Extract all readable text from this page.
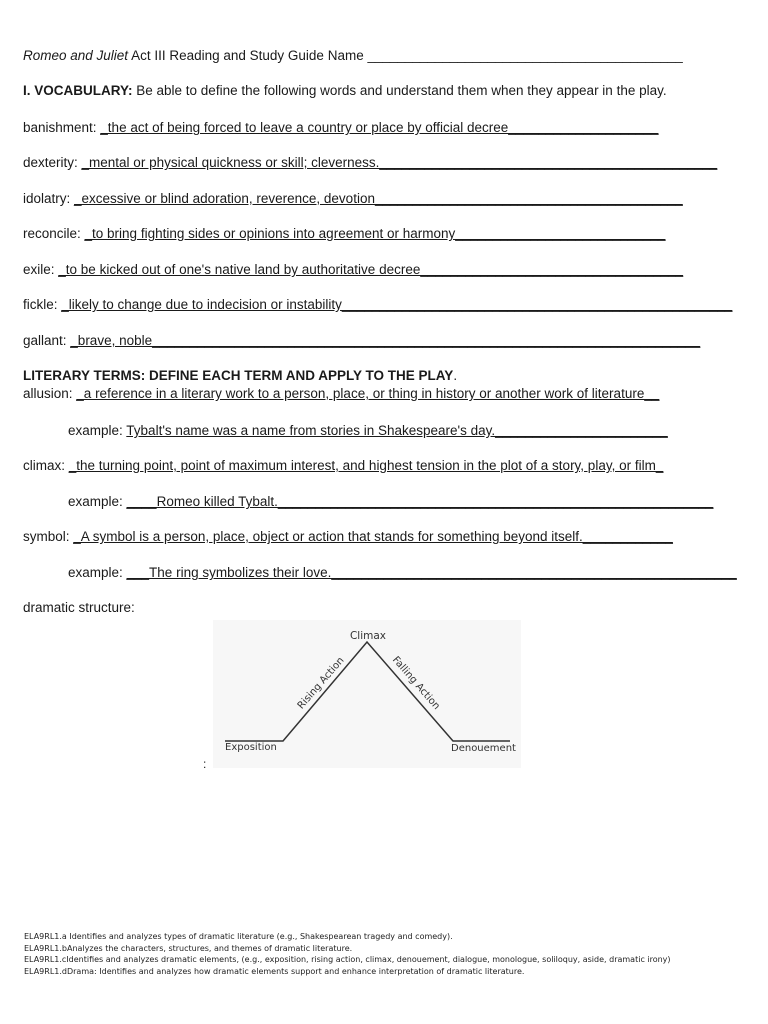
Romeo and Juliet Act III Reading and Study Guide Name __________________________________________
I. VOCABULARY: Be able to define the following words and understand them when they appear in the play.
banishment: _the act of being forced to leave a country or place by official decree____________________
dexterity: _mental or physical quickness or skill; cleverness._____________________________________________
idolatry: _excessive or blind adoration, reverence, devotion_________________________________________
reconcile: _to bring fighting sides or opinions into agreement or harmony____________________________
exile: _to be kicked out of one's native land by authoritative decree___________________________________
fickle: _likely to change due to indecision or instability____________________________________________________
gallant: _brave, noble_________________________________________________________________________
LITERARY TERMS: DEFINE EACH TERM AND APPLY TO THE PLAY.
allusion: _a reference in a literary work to a person, place, or thing in history or another work of literature__
example: Tybalt's name was a name from stories in Shakespeare's day._______________________
climax: _the turning point, point of maximum interest, and highest tension in the plot of a story, play, or film_
example: ____Romeo killed Tybalt.__________________________________________________________
symbol: _A symbol is a person, place, object or action that stands for something beyond itself.____________
example: ___The ring symbolizes their love.______________________________________________________
dramatic structure:
Climax
Rising Action	Falling Action
Exposition	Denouement
:
ELA9RL1.a Identifies and analyzes types of dramatic literature (e.g., Shakespearean tragedy and comedy).
ELA9RL1.bAnalyzes the characters, structures, and themes of dramatic literature.
ELA9RL1.cIdentifies and analyzes dramatic elements, (e.g., exposition, rising action, climax, denouement, dialogue, monologue, soliloquy, aside, dramatic irony)
ELA9RL1.dDrama: Identifies and analyzes how dramatic elements support and enhance interpretation of dramatic literature.
